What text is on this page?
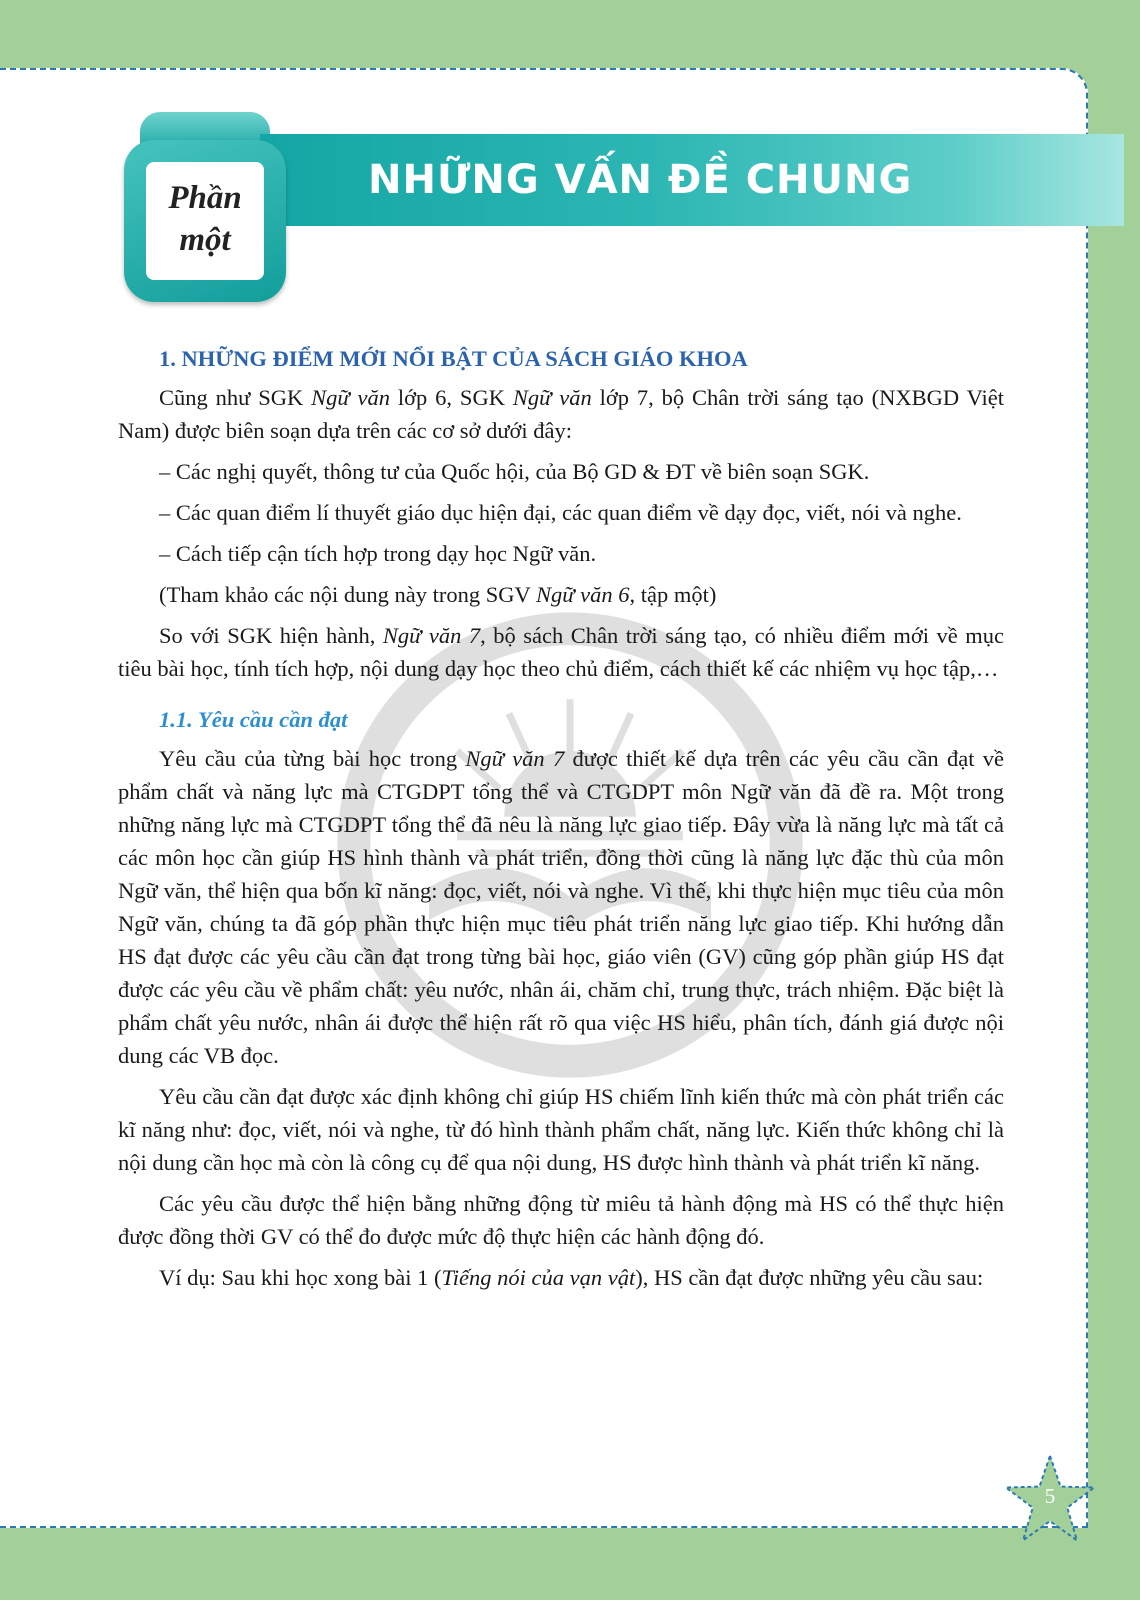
NHỮNG VẤN ĐỀ CHUNG
Phần
một
1. NHỮNG ĐIỂM MỚI NỔI BẬT CỦA SÁCH GIÁO KHOA

Cũng như SGK Ngữ văn lớp 6, SGK Ngữ văn lớp 7, bộ Chân trời sáng tạo (NXBGD Việt Nam) được biên soạn dựa trên các cơ sở dưới đây:

– Các nghị quyết, thông tư của Quốc hội, của Bộ GD & ĐT về biên soạn SGK.

– Các quan điểm lí thuyết giáo dục hiện đại, các quan điểm về dạy đọc, viết, nói và nghe.

– Cách tiếp cận tích hợp trong dạy học Ngữ văn.

(Tham khảo các nội dung này trong SGV Ngữ văn 6, tập một)

So với SGK hiện hành, Ngữ văn 7, bộ sách Chân trời sáng tạo, có nhiều điểm mới về mục tiêu bài học, tính tích hợp, nội dung dạy học theo chủ điểm, cách thiết kế các nhiệm vụ học tập,…

1.1. Yêu cầu cần đạt

Yêu cầu của từng bài học trong Ngữ văn 7 được thiết kế dựa trên các yêu cầu cần đạt về phẩm chất và năng lực mà CTGDPT tổng thể và CTGDPT môn Ngữ văn đã đề ra. Một trong những năng lực mà CTGDPT tổng thể đã nêu là năng lực giao tiếp. Đây vừa là năng lực mà tất cả các môn học cần giúp HS hình thành và phát triển, đồng thời cũng là năng lực đặc thù của môn Ngữ văn, thể hiện qua bốn kĩ năng: đọc, viết, nói và nghe. Vì thế, khi thực hiện mục tiêu của môn Ngữ văn, chúng ta đã góp phần thực hiện mục tiêu phát triển năng lực giao tiếp. Khi hướng dẫn HS đạt được các yêu cầu cần đạt trong từng bài học, giáo viên (GV) cũng góp phần giúp HS đạt được các yêu cầu về phẩm chất: yêu nước, nhân ái, chăm chỉ, trung thực, trách nhiệm. Đặc biệt là phẩm chất yêu nước, nhân ái được thể hiện rất rõ qua việc HS hiểu, phân tích, đánh giá được nội dung các VB đọc.

Yêu cầu cần đạt được xác định không chỉ giúp HS chiếm lĩnh kiến thức mà còn phát triển các kĩ năng như: đọc, viết, nói và nghe, từ đó hình thành phẩm chất, năng lực. Kiến thức không chỉ là nội dung cần học mà còn là công cụ để qua nội dung, HS được hình thành và phát triển kĩ năng.

Các yêu cầu được thể hiện bằng những động từ miêu tả hành động mà HS có thể thực hiện được đồng thời GV có thể đo được mức độ thực hiện các hành động đó.

Ví dụ: Sau khi học xong bài 1 (Tiếng nói của vạn vật), HS cần đạt được những yêu cầu sau:

5
